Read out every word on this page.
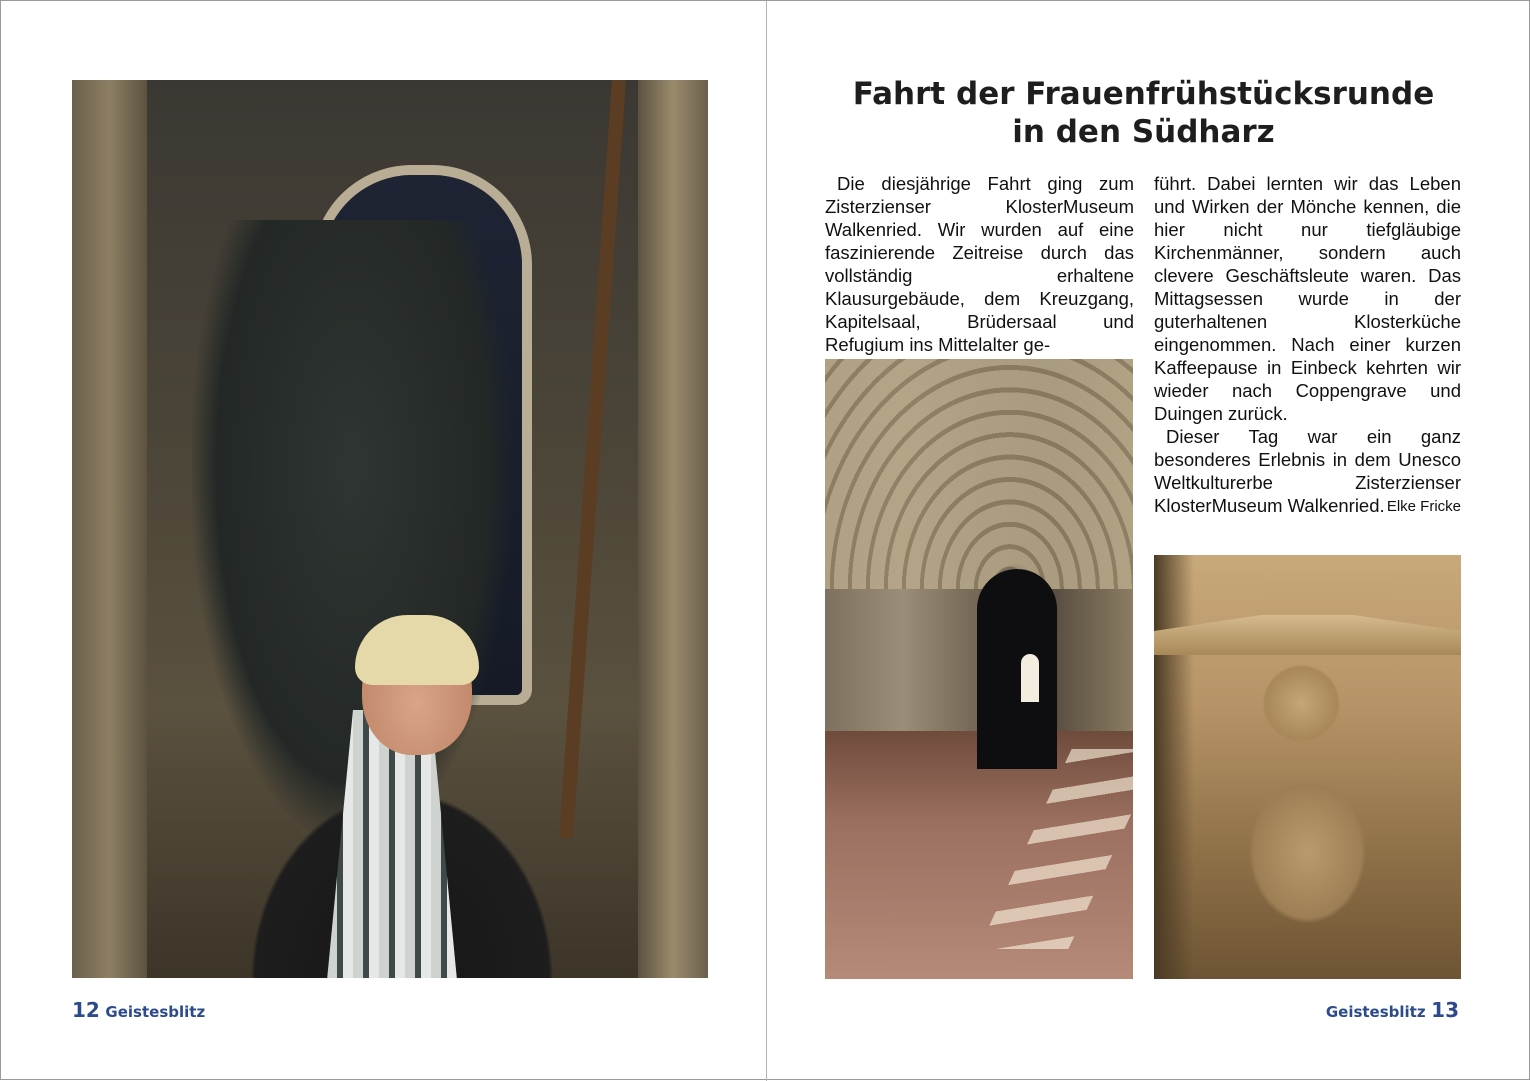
12 Geistesblitz
Fahrt der Frauenfrühstücksrunde
in den Südharz

Die diesjährige Fahrt ging zum Zisterzienser KlosterMuseum Walkenried. Wir wurden auf eine faszinierende Zeitreise durch das vollständig erhaltene Klausurgebäude, dem Kreuzgang, Kapitelsaal, Brüdersaal und Refugium ins Mittelalter ge-

führt. Dabei lernten wir das Leben und Wirken der Mönche kennen, die hier nicht nur tiefgläubige Kirchenmänner, sondern auch clevere Geschäftsleute waren. Das Mittagsessen wurde in der guterhaltenen Klosterküche eingenommen. Nach einer kurzen Kaffeepause in Einbeck kehrten wir wieder nach Coppengrave und Duingen zurück.

Dieser Tag war ein ganz besonderes Erlebnis in dem Unesco Weltkulturerbe Zisterzienser KlosterMuseum Walkenried. Elke Fricke
Geistesblitz 13
